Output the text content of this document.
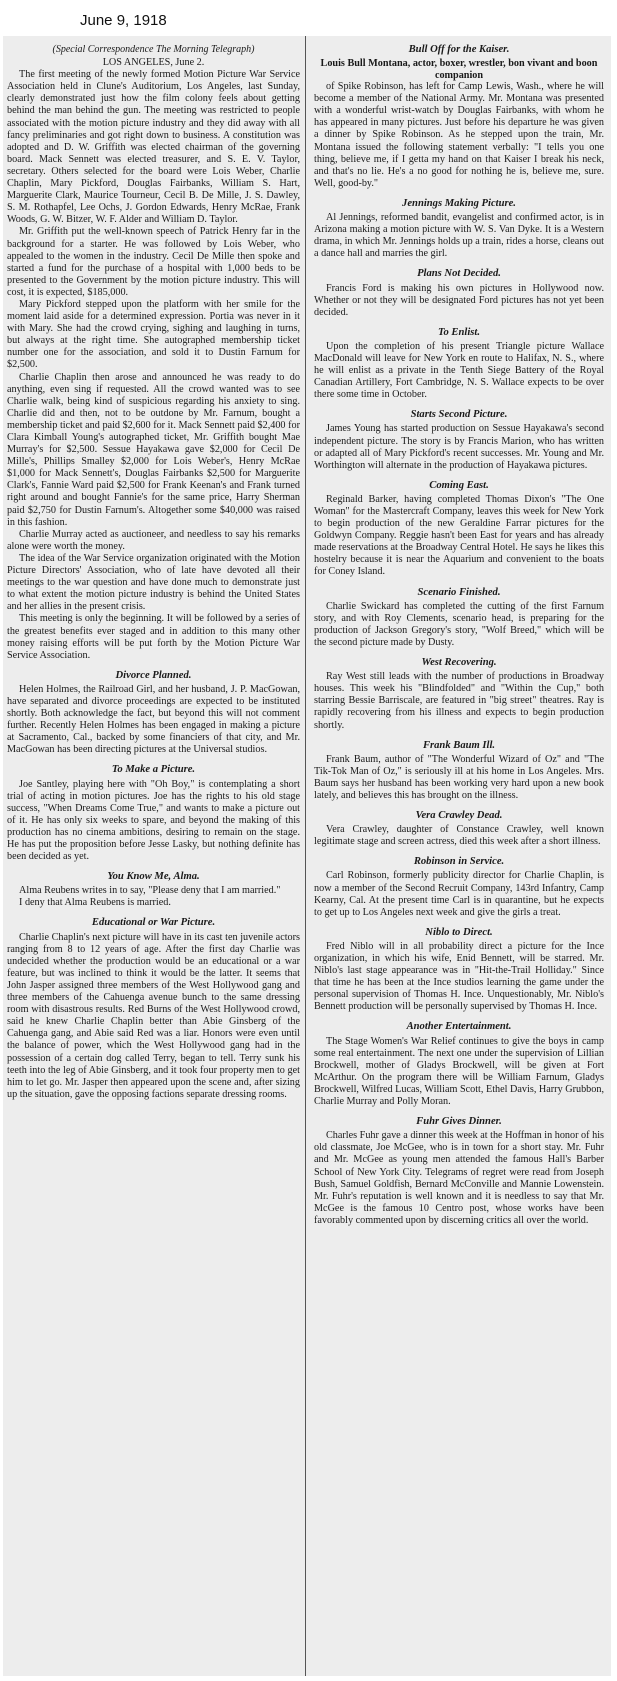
June 9, 1918
(Special Correspondence The Morning Telegraph)
LOS ANGELES, June 2.

The first meeting of the newly formed Motion Picture War Service Association held in Clune's Auditorium, Los Angeles, last Sunday, clearly demonstrated just how the film colony feels about getting behind the man behind the gun. The meeting was restricted to people associated with the motion picture industry and they did away with all fancy preliminaries and got right down to business. A constitution was adopted and D. W. Griffith was elected chairman of the governing board. Mack Sennett was elected treasurer, and S. E. V. Taylor, secretary. Others selected for the board were Lois Weber, Charlie Chaplin, Mary Pickford, Douglas Fairbanks, William S. Hart, Marguerite Clark, Maurice Tourneur, Cecil B. De Mille, J. S. Dawley, S. M. Rothapfel, Lee Ochs, J. Gordon Edwards, Henry McRae, Frank Woods, G. W. Bitzer, W. F. Alder and William D. Taylor.

Mr. Griffith put the well-known speech of Patrick Henry far in the background for a starter. He was followed by Lois Weber, who appealed to the women in the industry. Cecil De Mille then spoke and started a fund for the purchase of a hospital with 1,000 beds to be presented to the Government by the motion picture industry. This will cost, it is expected, $185,000.

Mary Pickford stepped upon the platform with her smile for the moment laid aside for a determined expression. Portia was never in it with Mary. She had the crowd crying, sighing and laughing in turns, but always at the right time. She autographed membership ticket number one for the association, and sold it to Dustin Farnum for $2,500.

Charlie Chaplin then arose and announced he was ready to do anything, even sing if requested. All the crowd wanted was to see Charlie walk, being kind of suspicious regarding his anxiety to sing. Charlie did and then, not to be outdone by Mr. Farnum, bought a membership ticket and paid $2,600 for it. Mack Sennett paid $2,400 for Clara Kimball Young's autographed ticket, Mr. Griffith bought Mae Murray's for $2,500. Sessue Hayakawa gave $2,000 for Cecil De Mille's, Phillips Smalley $2,000 for Lois Weber's, Henry McRae $1,000 for Mack Sennett's, Douglas Fairbanks $2,500 for Marguerite Clark's, Fannie Ward paid $2,500 for Frank Keenan's and Frank turned right around and bought Fannie's for the same price, Harry Sherman paid $2,750 for Dustin Farnum's. Altogether some $40,000 was raised in this fashion.

Charlie Murray acted as auctioneer, and needless to say his remarks alone were worth the money.

The idea of the War Service organization originated with the Motion Picture Directors' Association, who of late have devoted all their meetings to the war question and have done much to demonstrate just to what extent the motion picture industry is behind the United States and her allies in the present crisis.

This meeting is only the beginning. It will be followed by a series of the greatest benefits ever staged and in addition to this many other money raising efforts will be put forth by the Motion Picture War Service Association.

Divorce Planned.

Helen Holmes, the Railroad Girl, and her husband, J. P. MacGowan, have separated and divorce proceedings are expected to be instituted shortly. Both acknowledge the fact, but beyond this will not comment further. Recently Helen Holmes has been engaged in making a picture at Sacramento, Cal., backed by some financiers of that city, and Mr. MacGowan has been directing pictures at the Universal studios.

To Make a Picture.

Joe Santley, playing here with "Oh Boy," is contemplating a short trial of acting in motion pictures. Joe has the rights to his old stage success, "When Dreams Come True," and wants to make a picture out of it. He has only six weeks to spare, and beyond the making of this production has no cinema ambitions, desiring to remain on the stage. He has put the proposition before Jesse Lasky, but nothing definite has been decided as yet.

You Know Me, Alma.

Alma Reubens writes in to say, "Please deny that I am married."

I deny that Alma Reubens is married.

Educational or War Picture.

Charlie Chaplin's next picture will have in its cast ten juvenile actors ranging from 8 to 12 years of age. After the first day Charlie was undecided whether the production would be an educational or a war feature, but was inclined to think it would be the latter. It seems that John Jasper assigned three members of the West Hollywood gang and three members of the Cahuenga avenue bunch to the same dressing room with disastrous results. Red Burns of the West Hollywood crowd, said he knew Charlie Chaplin better than Abie Ginsberg of the Cahuenga gang, and Abie said Red was a liar. Honors were even until the balance of power, which the West Hollywood gang had in the possession of a certain dog called Terry, began to tell. Terry sunk his teeth into the leg of Abie Ginsberg, and it took four property men to get him to let go. Mr. Jasper then appeared upon the scene and, after sizing up the situation, gave the opposing factions separate dressing rooms.

Bull Off for the Kaiser.
Louis Bull Montana, actor, boxer, wrestler, bon vivant and boon companion

of Spike Robinson, has left for Camp Lewis, Wash., where he will become a member of the National Army. Mr. Montana was presented with a wonderful wrist-watch by Douglas Fairbanks, with whom he has appeared in many pictures. Just before his departure he was given a dinner by Spike Robinson. As he stepped upon the train, Mr. Montana issued the following statement verbally: "I tells you one thing, believe me, if I getta my hand on that Kaiser I break his neck, and that's no lie. He's a no good for nothing he is, believe me, sure. Well, good-by."

Jennings Making Picture.

Al Jennings, reformed bandit, evangelist and confirmed actor, is in Arizona making a motion picture with W. S. Van Dyke. It is a Western drama, in which Mr. Jennings holds up a train, rides a horse, cleans out a dance hall and marries the girl.

Plans Not Decided.

Francis Ford is making his own pictures in Hollywood now. Whether or not they will be designated Ford pictures has not yet been decided.

To Enlist.

Upon the completion of his present Triangle picture Wallace MacDonald will leave for New York en route to Halifax, N. S., where he will enlist as a private in the Tenth Siege Battery of the Royal Canadian Artillery, Fort Cambridge, N. S. Wallace expects to be over there some time in October.

Starts Second Picture.

James Young has started production on Sessue Hayakawa's second independent picture. The story is by Francis Marion, who has written or adapted all of Mary Pickford's recent successes. Mr. Young and Mr. Worthington will alternate in the production of Hayakawa pictures.

Coming East.

Reginald Barker, having completed Thomas Dixon's "The One Woman" for the Mastercraft Company, leaves this week for New York to begin production of the new Geraldine Farrar pictures for the Goldwyn Company. Reggie hasn't been East for years and has already made reservations at the Broadway Central Hotel. He says he likes this hostelry because it is near the Aquarium and convenient to the boats for Coney Island.

Scenario Finished.

Charlie Swickard has completed the cutting of the first Farnum story, and with Roy Clements, scenario head, is preparing for the production of Jackson Gregory's story, "Wolf Breed," which will be the second picture made by Dusty.

West Recovering.

Ray West still leads with the number of productions in Broadway houses. This week his "Blindfolded" and "Within the Cup," both starring Bessie Barriscale, are featured in "big street" theatres. Ray is rapidly recovering from his illness and expects to begin production shortly.

Frank Baum Ill.

Frank Baum, author of "The Wonderful Wizard of Oz" and "The Tik-Tok Man of Oz," is seriously ill at his home in Los Angeles. Mrs. Baum says her husband has been working very hard upon a new book lately, and believes this has brought on the illness.

Vera Crawley Dead.

Vera Crawley, daughter of Constance Crawley, well known legitimate stage and screen actress, died this week after a short illness.

Robinson in Service.

Carl Robinson, formerly publicity director for Charlie Chaplin, is now a member of the Second Recruit Company, 143rd Infantry, Camp Kearny, Cal. At the present time Carl is in quarantine, but he expects to get up to Los Angeles next week and give the girls a treat.

Niblo to Direct.

Fred Niblo will in all probability direct a picture for the Ince organization, in which his wife, Enid Bennett, will be starred. Mr. Niblo's last stage appearance was in "Hit-the-Trail Holliday." Since that time he has been at the Ince studios learning the game under the personal supervision of Thomas H. Ince. Unquestionably, Mr. Niblo's Bennett production will be personally supervised by Thomas H. Ince.

Another Entertainment.

The Stage Women's War Relief continues to give the boys in camp some real entertainment. The next one under the supervision of Lillian Brockwell, mother of Gladys Brockwell, will be given at Fort McArthur. On the program there will be William Farnum, Gladys Brockwell, Wilfred Lucas, William Scott, Ethel Davis, Harry Grubbon, Charlie Murray and Polly Moran.

Fuhr Gives Dinner.

Charles Fuhr gave a dinner this week at the Hoffman in honor of his old classmate, Joe McGee, who is in town for a short stay. Mr. Fuhr and Mr. McGee as young men attended the famous Hall's Barber School of New York City. Telegrams of regret were read from Joseph Bush, Samuel Goldfish, Bernard McConville and Mannie Lowenstein. Mr. Fuhr's reputation is well known and it is needless to say that Mr. McGee is the famous 10 Centro post, whose works have been favorably commented upon by discerning critics all over the world.
